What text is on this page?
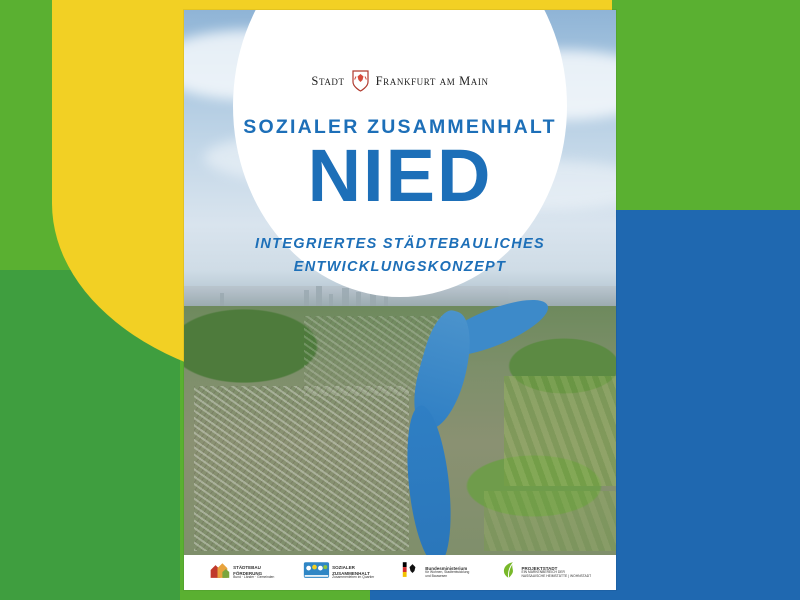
Stadt Frankfurt am Main
SOZIALER ZUSAMMENHALT
NIED
INTEGRIERTES STÄDTEBAULICHES
ENTWICKLUNGSKONZEPT
STÄDTEBAU
FÖRDERUNG
Bund · Länder · Gemeinden
SOZIALER
ZUSAMMENHALT
Zusammenleben im Quartier
Bundesministerium
für Wohnen, Stadtentwicklung
und Bauwesen
PROJEKTSTADT
EIN MARKENBEREICH DER
NASSAUISCHE HEIMSTÄTTE | WOHNSTADT
